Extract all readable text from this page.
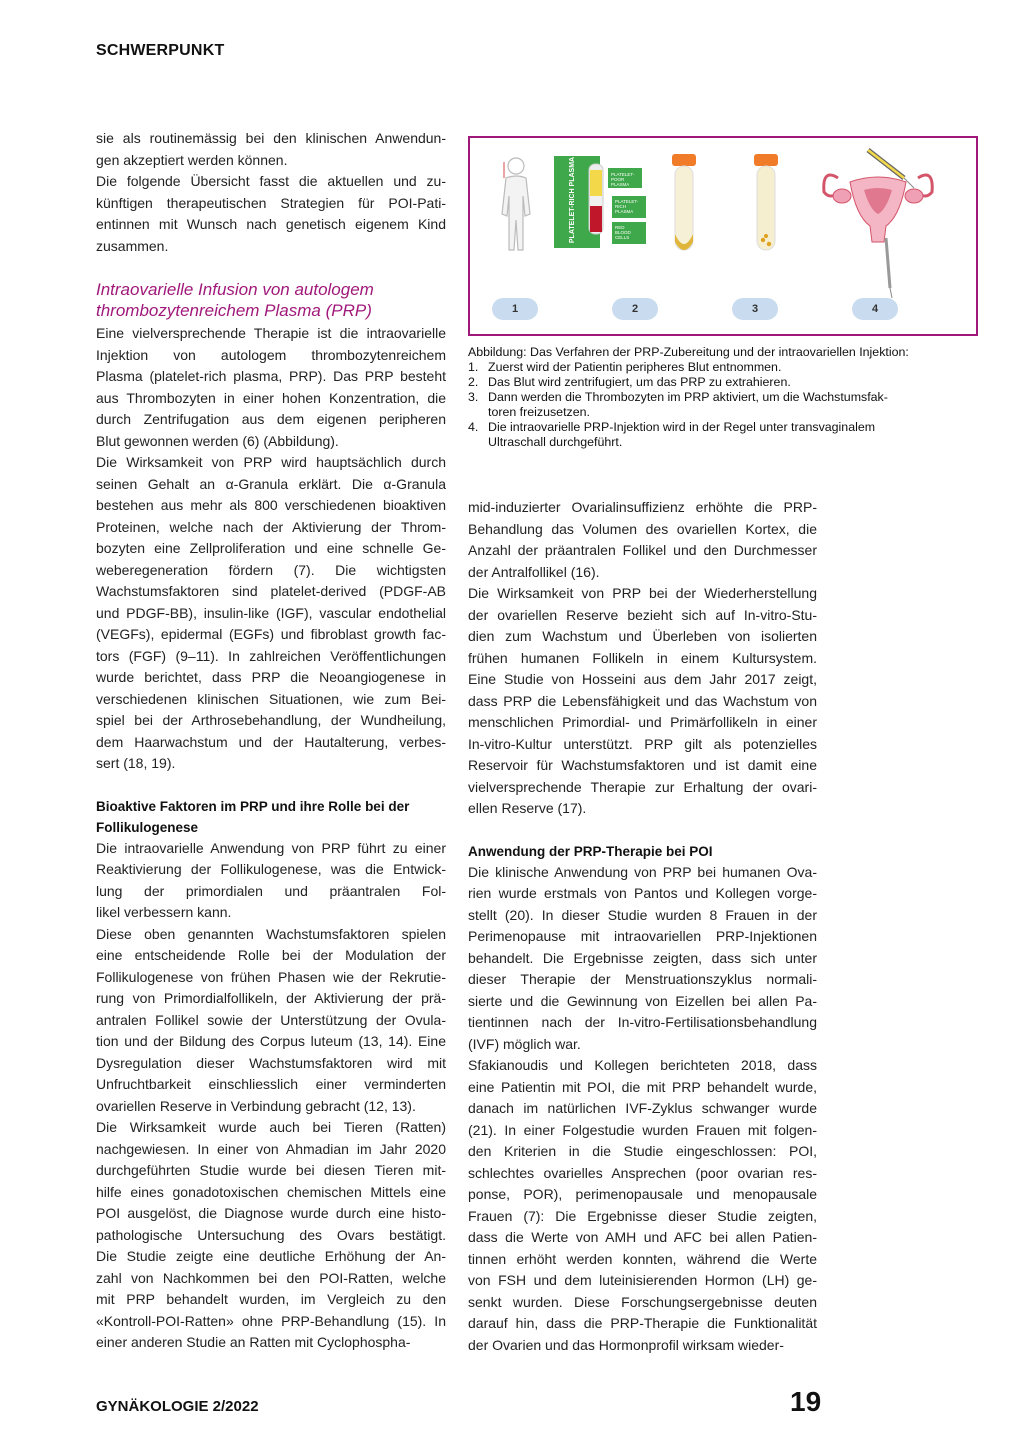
SCHWERPUNKT
sie als routinemässig bei den klinischen Anwendun-
gen akzeptiert werden können.
Die folgende Übersicht fasst die aktuellen und zu-
künftigen therapeutischen Strategien für POI-Pati-
entinnen mit Wunsch nach genetisch eigenem Kind
zusammen.
Intraovarielle Infusion von autologem
thrombozytenreichem Plasma (PRP)
Eine vielversprechende Therapie ist die intraovarielle
Injektion von autologem thrombozytenreichem
Plasma (platelet-rich plasma, PRP). Das PRP besteht
aus Thrombozyten in einer hohen Konzentration, die
durch Zentrifugation aus dem eigenen peripheren
Blut gewonnen werden (6) (Abbildung).
Die Wirksamkeit von PRP wird hauptsächlich durch
seinen Gehalt an α-Granula erklärt. Die α-Granula
bestehen aus mehr als 800 verschiedenen bioaktiven
Proteinen, welche nach der Aktivierung der Throm-
bozyten eine Zellproliferation und eine schnelle Ge-
weberegeneration fördern (7). Die wichtigsten
Wachstumsfaktoren sind platelet-derived (PDGF-AB
und PDGF-BB), insulin-like (IGF), vascular endothelial
(VEGFs), epidermal (EGFs) und fibroblast growth fac-
tors (FGF) (9–11). In zahlreichen Veröffentlichungen
wurde berichtet, dass PRP die Neoangiogenese in
verschiedenen klinischen Situationen, wie zum Bei-
spiel bei der Arthrosebehandlung, der Wundheilung,
dem Haarwachstum und der Hautalterung, verbes-
sert (18, 19).
Bioaktive Faktoren im PRP und ihre Rolle bei der
Follikulogenese
Die intraovarielle Anwendung von PRP führt zu einer
Reaktivierung der Follikulogenese, was die Entwick-
lung der primordialen und präantralen Fol-
likel verbessern kann.
Diese oben genannten Wachstumsfaktoren spielen
eine entscheidende Rolle bei der Modulation der
Follikulogenese von frühen Phasen wie der Rekrutie-
rung von Primordialfollikeln, der Aktivierung der prä-
antralen Follikel sowie der Unterstützung der Ovula-
tion und der Bildung des Corpus luteum (13, 14). Eine
Dysregulation dieser Wachstumsfaktoren wird mit
Unfruchtbarkeit einschliesslich einer verminderten
ovariellen Reserve in Verbindung gebracht (12, 13).
Die Wirksamkeit wurde auch bei Tieren (Ratten)
nachgewiesen. In einer von Ahmadian im Jahr 2020
durchgeführten Studie wurde bei diesen Tieren mit-
hilfe eines gonadotoxischen chemischen Mittels eine
POI ausgelöst, die Diagnose wurde durch eine histo-
pathologische Untersuchung des Ovars bestätigt.
Die Studie zeigte eine deutliche Erhöhung der An-
zahl von Nachkommen bei den POI-Ratten, welche
mit PRP behandelt wurden, im Vergleich zu den
«Kontroll-POI-Ratten» ohne PRP-Behandlung (15). In
einer anderen Studie an Ratten mit Cyclophospha-
PLATELET-RICH PLASMA	PLATELET-
POOR
PLASMA
PLATELET-
RICH
PLASMA
RED
BLOOD
CELLS
1	2	3	4
Abbildung: Das Verfahren der PRP-Zubereitung und der intraovariellen Injektion:
1. Zuerst wird der Patientin peripheres Blut entnommen.
2. Das Blut wird zentrifugiert, um das PRP zu extrahieren.
3. Dann werden die Thrombozyten im PRP aktiviert, um die Wachstumsfak-
toren freizusetzen.
4. Die intraovarielle PRP-Injektion wird in der Regel unter transvaginalem
Ultraschall durchgeführt.
mid-induzierter Ovarialinsuffizienz erhöhte die PRP-
Behandlung das Volumen des ovariellen Kortex, die
Anzahl der präantralen Follikel und den Durchmesser
der Antralfollikel (16).
Die Wirksamkeit von PRP bei der Wiederherstellung
der ovariellen Reserve bezieht sich auf In-vitro-Stu-
dien zum Wachstum und Überleben von isolierten
frühen humanen Follikeln in einem Kultursystem.
Eine Studie von Hosseini aus dem Jahr 2017 zeigt,
dass PRP die Lebensfähigkeit und das Wachstum von
menschlichen Primordial- und Primärfollikeln in einer
In-vitro-Kultur unterstützt. PRP gilt als potenzielles
Reservoir für Wachstumsfaktoren und ist damit eine
vielversprechende Therapie zur Erhaltung der ovari-
ellen Reserve (17).
Anwendung der PRP-Therapie bei POI
Die klinische Anwendung von PRP bei humanen Ova-
rien wurde erstmals von Pantos und Kollegen vorge-
stellt (20). In dieser Studie wurden 8 Frauen in der
Perimenopause mit intraovariellen PRP-Injektionen
behandelt. Die Ergebnisse zeigten, dass sich unter
dieser Therapie der Menstruationszyklus normali-
sierte und die Gewinnung von Eizellen bei allen Pa-
tientinnen nach der In-vitro-Fertilisationsbehandlung
(IVF) möglich war.
Sfakianoudis und Kollegen berichteten 2018, dass
eine Patientin mit POI, die mit PRP behandelt wurde,
danach im natürlichen IVF-Zyklus schwanger wurde
(21). In einer Folgestudie wurden Frauen mit folgen-
den Kriterien in die Studie eingeschlossen: POI,
schlechtes ovarielles Ansprechen (poor ovarian res-
ponse, POR), perimenopausale und menopausale
Frauen (7): Die Ergebnisse dieser Studie zeigten,
dass die Werte von AMH und AFC bei allen Patien-
tinnen erhöht werden konnten, während die Werte
von FSH und dem luteinisierenden Hormon (LH) ge-
senkt wurden. Diese Forschungsergebnisse deuten
darauf hin, dass die PRP-Therapie die Funktionalität
der Ovarien und das Hormonprofil wirksam wieder-
GYNÄKOLOGIE 2/2022	19
